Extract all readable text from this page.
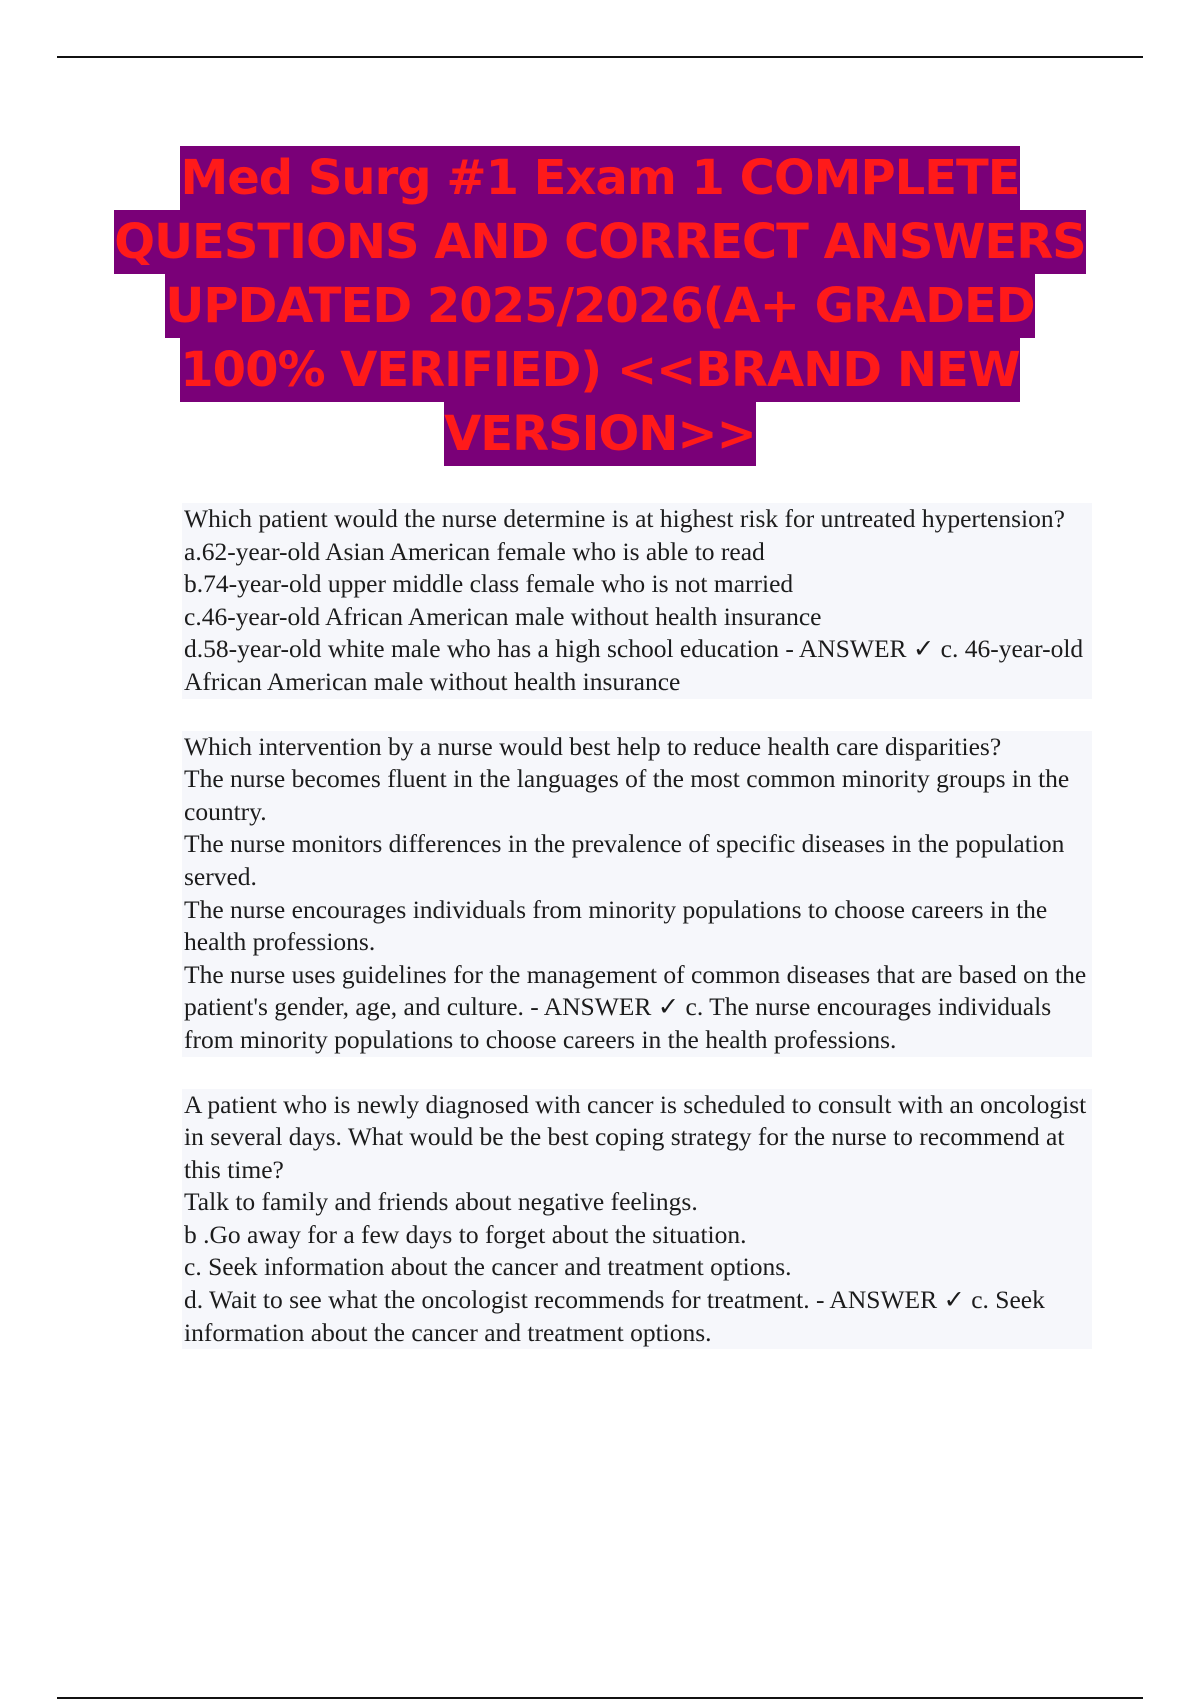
Med Surg #1 Exam 1 COMPLETE
QUESTIONS AND CORRECT ANSWERS
UPDATED 2025/2026(A+ GRADED
100% VERIFIED) <<BRAND NEW
VERSION>>
Which patient would the nurse determine is at highest risk for untreated hypertension?
a.62-year-old Asian American female who is able to read
b.74-year-old upper middle class female who is not married
c.46-year-old African American male without health insurance
d.58-year-old white male who has a high school education - ANSWER ✓ c. 46-year-old African American male without health insurance
Which intervention by a nurse would best help to reduce health care disparities?
The nurse becomes fluent in the languages of the most common minority groups in the country.
The nurse monitors differences in the prevalence of specific diseases in the population served.
The nurse encourages individuals from minority populations to choose careers in the health professions.
The nurse uses guidelines for the management of common diseases that are based on the patient's gender, age, and culture. - ANSWER ✓ c. The nurse encourages individuals from minority populations to choose careers in the health professions.
A patient who is newly diagnosed with cancer is scheduled to consult with an oncologist in several days. What would be the best coping strategy for the nurse to recommend at this time?
Talk to family and friends about negative feelings.
b .Go away for a few days to forget about the situation.
c. Seek information about the cancer and treatment options.
d. Wait to see what the oncologist recommends for treatment. - ANSWER ✓ c. Seek information about the cancer and treatment options.
